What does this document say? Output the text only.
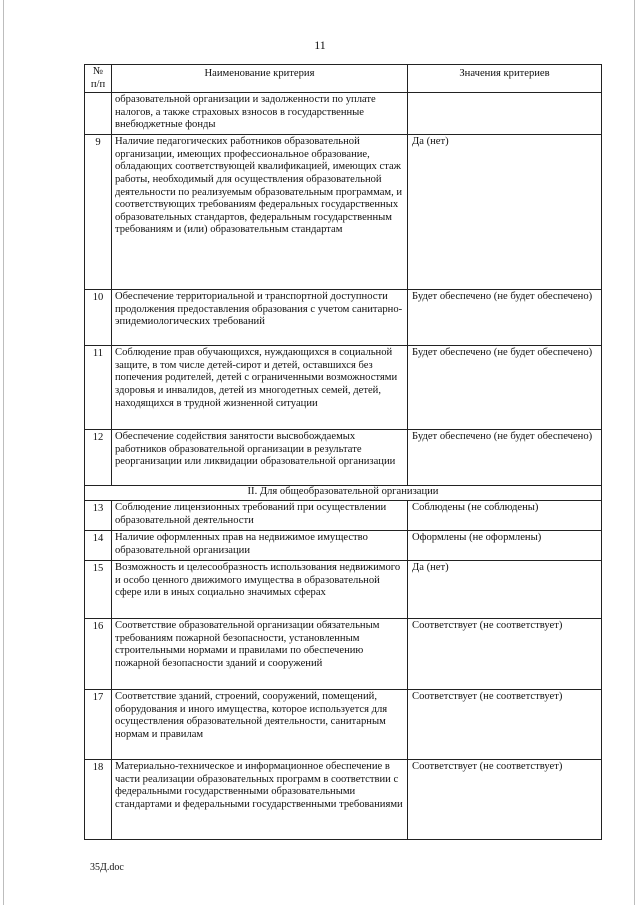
11
№ п/п	Наименование критерия	Значения критериев
	образовательной организации и задолженности по уплате налогов, а также страховых взносов в государственные внебюджетные фонды	
9	Наличие педагогических работников образовательной организации, имеющих профессиональное образование, обладающих соответствующей квалификацией, имеющих стаж работы, необходимый для осуществления образовательной деятельности по реализуемым образовательным программам, и соответствующих требованиям федеральных государственных образовательных стандартов, федеральным государственным требованиям и (или) образовательным стандартам	Да (нет)
10	Обеспечение территориальной и транспортной доступности продолжения предоставления образования с учетом санитарно-эпидемиологических требований	Будет обеспечено (не будет обеспечено)
11	Соблюдение прав обучающихся, нуждающихся в социальной защите, в том числе детей-сирот и детей, оставшихся без попечения родителей, детей с ограниченными возможностями здоровья и инвалидов, детей из многодетных семей, детей, находящихся в трудной жизненной ситуации	Будет обеспечено (не будет обеспечено)
12	Обеспечение содействия занятости высвобождаемых работников образовательной организации в результате реорганизации или ликвидации образовательной организации	Будет обеспечено (не будет обеспечено)
II. Для общеобразовательной организации		
13	Соблюдение лицензионных требований при осуществлении образовательной деятельности	Соблюдены (не соблюдены)
14	Наличие оформленных прав на недвижимое имущество образовательной организации	Оформлены (не оформлены)
15	Возможность и целесообразность использования недвижимого и особо ценного движимого имущества в образовательной сфере или в иных социально значимых сферах	Да (нет)
16	Соответствие образовательной организации обязательным требованиям пожарной безопасности, установленным строительными нормами и правилами по обеспечению пожарной безопасности зданий и сооружений	Соответствует (не соответствует)
17	Соответствие зданий, строений, сооружений, помещений, оборудования и иного имущества, которое используется для осуществления образовательной деятельности, санитарным нормам и правилам	Соответствует (не соответствует)
18	Материально-техническое и информационное обеспечение в части реализации образовательных программ в соответствии с федеральными государственными образовательными стандартами и федеральными государственными требованиями	Соответствует (не соответствует)
35Д.doc
